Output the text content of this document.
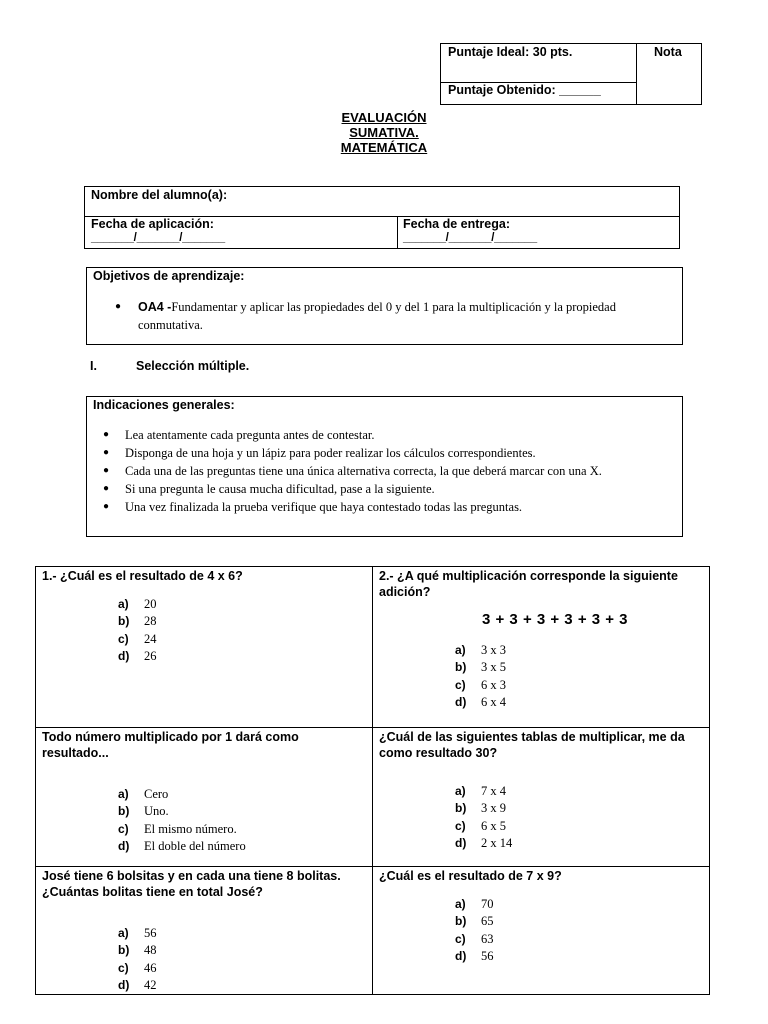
Puntaje Ideal: 30 pts.
Puntaje Obtenido: ______
Nota
EVALUACIÓN
SUMATIVA.
MATEMÁTICA
Nombre del alumno(a):
Fecha de aplicación:
_______/_______/_______
Fecha de entrega:
_______/_______/_______
Objetivos de aprendizaje:
● OA4 -Fundamentar y aplicar las propiedades del 0 y del 1 para la multiplicación y la propiedad conmutativa.
I.	Selección múltiple.
Indicaciones generales:
● Lea atentamente cada pregunta antes de contestar.
● Disponga de una hoja y un lápiz para poder realizar los cálculos correspondientes.
● Cada una de las preguntas tiene una única alternativa correcta, la que deberá marcar con una X.
● Si una pregunta le causa mucha dificultad, pase a la siguiente.
● Una vez finalizada la prueba verifique que haya contestado todas las preguntas.
1.- ¿Cuál es el resultado de 4 x 6?
a) 20
b) 28
c) 24
d) 26
2.- ¿A qué multiplicación corresponde la siguiente adición?
3 + 3 + 3 + 3 + 3 + 3
a) 3 x 3
b) 3 x 5
c) 6 x 3
d) 6 x 4
Todo número multiplicado por 1 dará como resultado...
a) Cero
b) Uno.
c) El mismo número.
d) El doble del número
¿Cuál de las siguientes tablas de multiplicar, me da como resultado 30?
a) 7 x 4
b) 3 x 9
c) 6 x 5
d) 2 x 14
José tiene 6 bolsitas y en cada una tiene 8 bolitas. ¿Cuántas bolitas tiene en total José?
a) 56
b) 48
c) 46
d) 42
¿Cuál es el resultado de 7 x 9?
a) 70
b) 65
c) 63
d) 56
